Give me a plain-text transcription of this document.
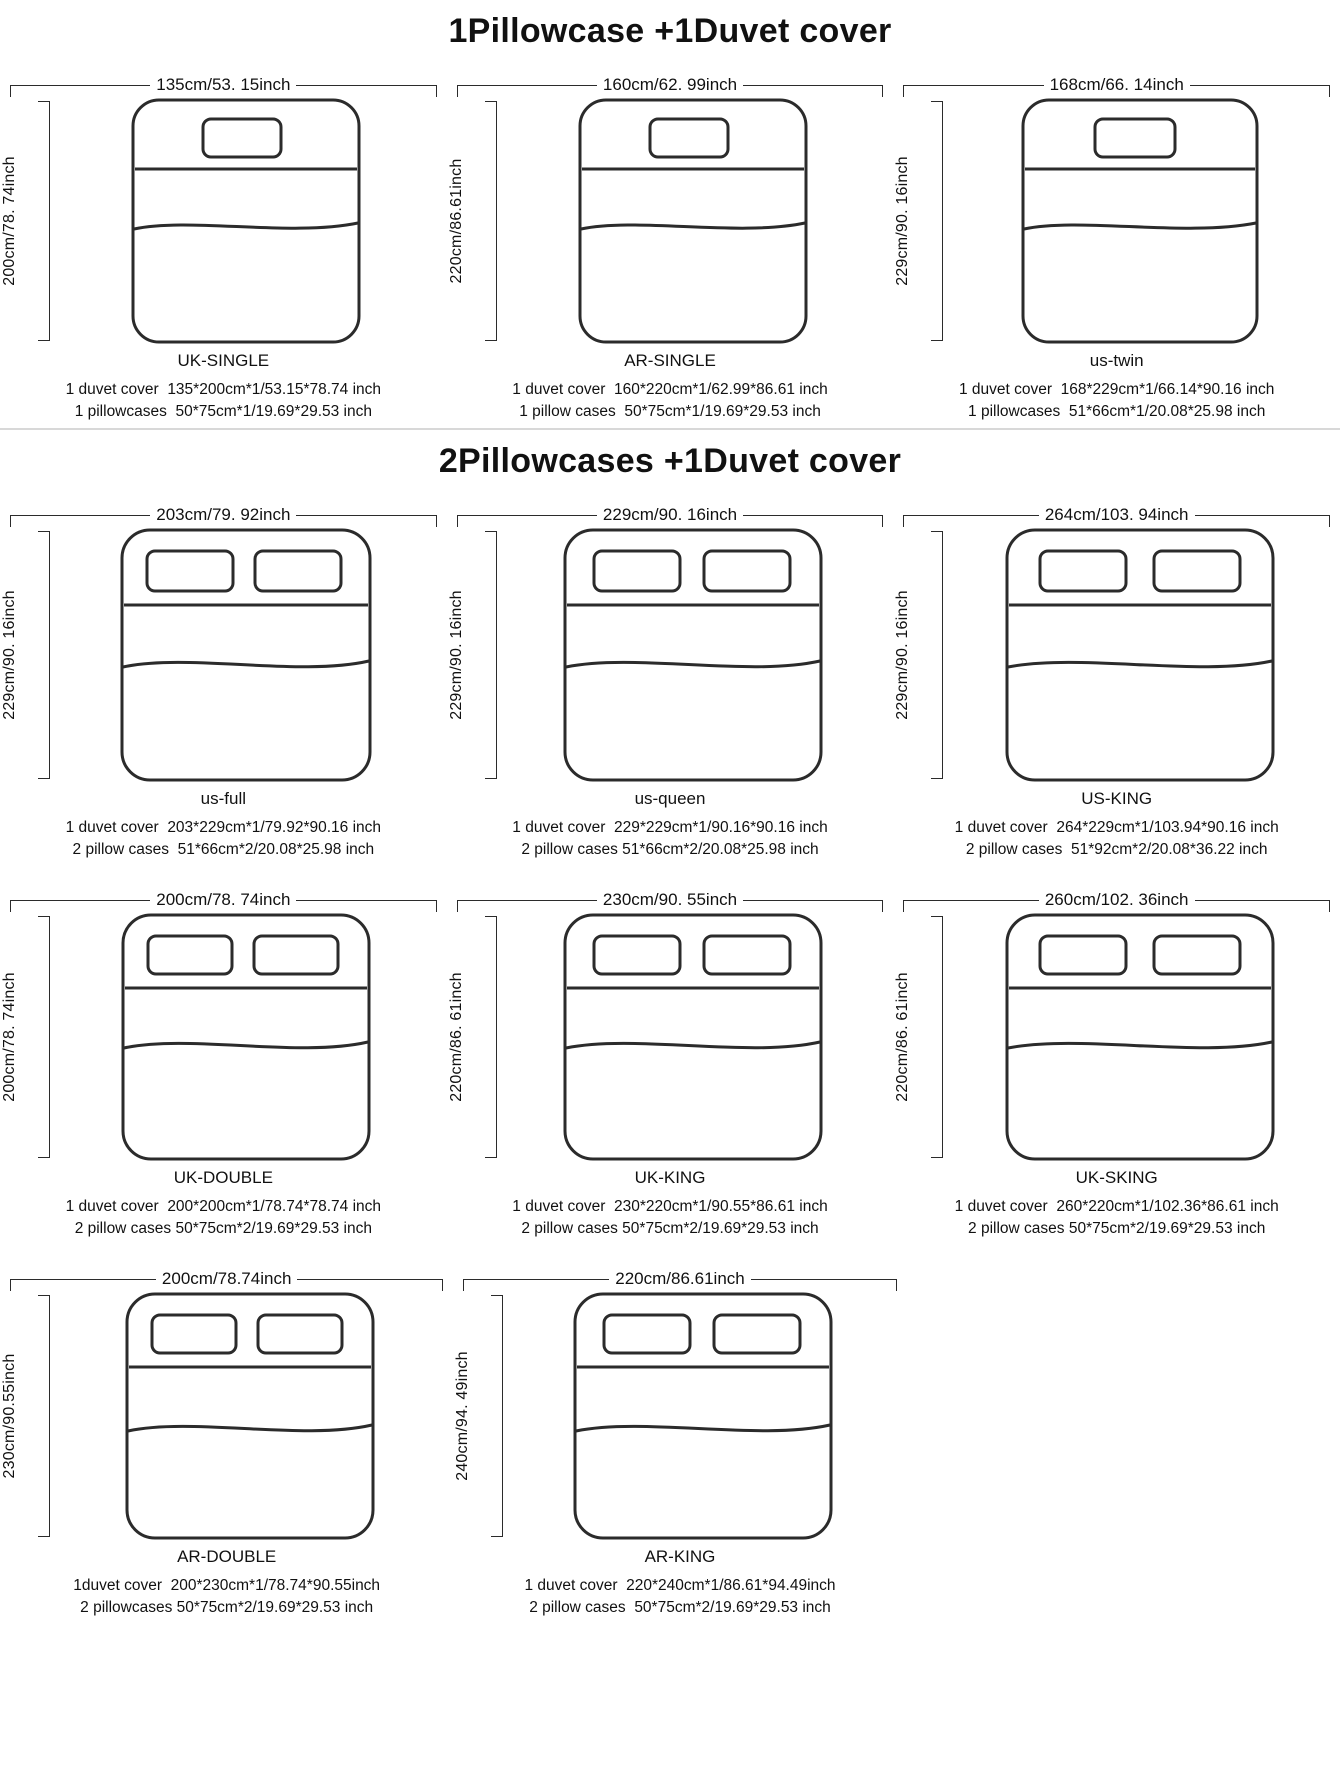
1Pillowcase +1Duvet cover
135cm/53. 15inch
200cm/78. 74inch
UK-SINGLE
1 duvet cover 135*200cm*1/53.15*78.74 inch
1 pillowcases 50*75cm*1/19.69*29.53 inch
160cm/62. 99inch
220cm/86.61inch
AR-SINGLE
1 duvet cover 160*220cm*1/62.99*86.61 inch
1 pillow cases 50*75cm*1/19.69*29.53 inch
168cm/66. 14inch
229cm/90. 16inch
us-twin
1 duvet cover 168*229cm*1/66.14*90.16 inch
1 pillowcases 51*66cm*1/20.08*25.98 inch
2Pillowcases +1Duvet cover
203cm/79. 92inch
229cm/90. 16inch
us-full
1 duvet cover 203*229cm*1/79.92*90.16 inch
2 pillow cases 51*66cm*2/20.08*25.98 inch
229cm/90. 16inch
229cm/90. 16inch
us-queen
1 duvet cover 229*229cm*1/90.16*90.16 inch
2 pillow cases 51*66cm*2/20.08*25.98 inch
264cm/103. 94inch
229cm/90. 16inch
US-KING
1 duvet cover 264*229cm*1/103.94*90.16 inch
2 pillow cases 51*92cm*2/20.08*36.22 inch
200cm/78. 74inch
200cm/78. 74inch
UK-DOUBLE
1 duvet cover 200*200cm*1/78.74*78.74 inch
2 pillow cases 50*75cm*2/19.69*29.53 inch
230cm/90. 55inch
220cm/86. 61inch
UK-KING
1 duvet cover 230*220cm*1/90.55*86.61 inch
2 pillow cases 50*75cm*2/19.69*29.53 inch
260cm/102. 36inch
220cm/86. 61inch
UK-SKING
1 duvet cover 260*220cm*1/102.36*86.61 inch
2 pillow cases 50*75cm*2/19.69*29.53 inch
200cm/78.74inch
230cm/90.55inch
AR-DOUBLE
1duvet cover 200*230cm*1/78.74*90.55inch
2 pillowcases 50*75cm*2/19.69*29.53 inch
220cm/86.61inch
240cm/94. 49inch
AR-KING
1 duvet cover 220*240cm*1/86.61*94.49inch
2 pillow cases 50*75cm*2/19.69*29.53 inch
